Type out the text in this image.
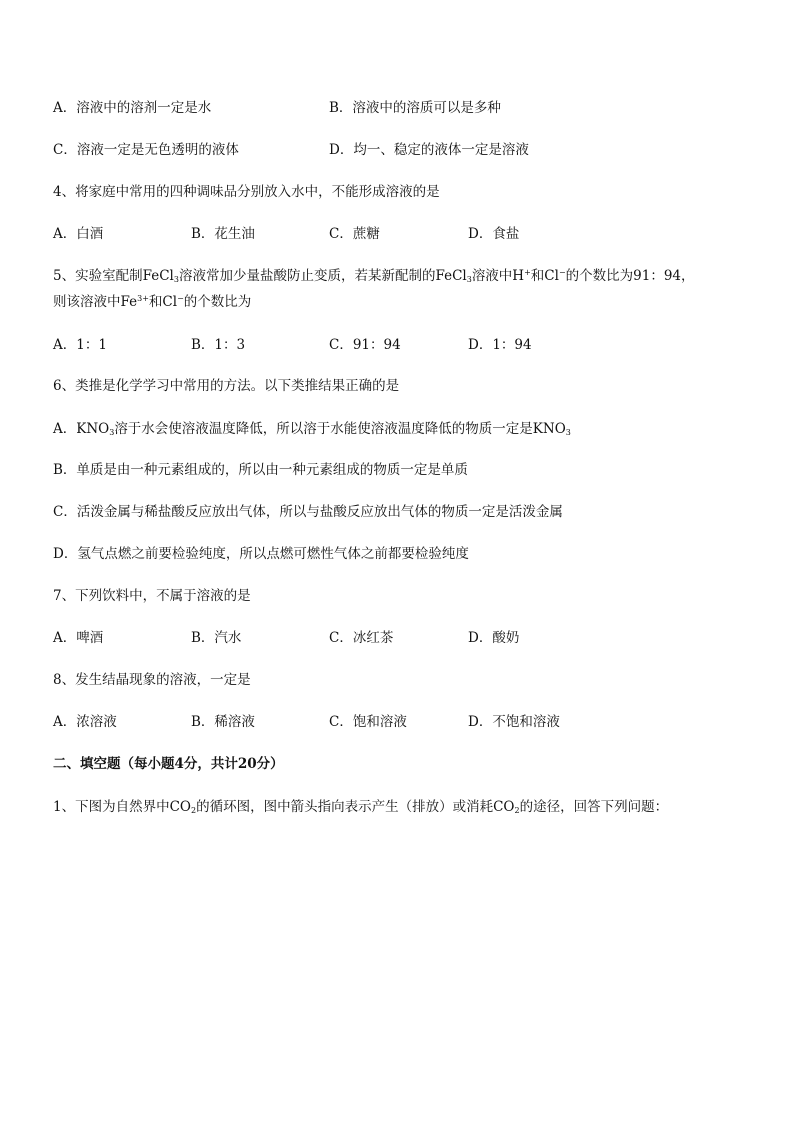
A．溶液中的溶剂一定是水	B．溶液中的溶质可以是多种
C．溶液一定是无色透明的液体	D．均一、稳定的液体一定是溶液
4、将家庭中常用的四种调味品分别放入水中，不能形成溶液的是
A．白酒	B．花生油	C．蔗糖	D．食盐
5、实验室配制FeCl$_3$溶液常加少量盐酸防止变质，若某新配制的FeCl$_3$溶液中H+和Cl−的个数比为91：94，
则该溶液中$Fe^{3+}$和Cl−的个数比为
A．1：1	B．1：3	C．91：94	D．1：94
6、类推是化学学习中常用的方法。以下类推结果正确的是
A．$KNO_3$溶于水会使溶液温度降低，所以溶于水能使溶液温度降低的物质一定是$KNO_3$
B．单质是由一种元素组成的，所以由一种元素组成的物质一定是单质
C．活泼金属与稀盐酸反应放出气体，所以与盐酸反应放出气体的物质一定是活泼金属
D．氢气点燃之前要检验纯度，所以点燃可燃性气体之前都要检验纯度
7、下列饮料中，不属于溶液的是
A．啤酒	B．汽水	C．冰红茶	D．酸奶
8、发生结晶现象的溶液，一定是
A．浓溶液	B．稀溶液	C．饱和溶液	D．不饱和溶液
二、填空题（每小题4分，共计20分）
1、下图为自然界中$CO_2$的循环图，图中箭头指向表示产生（排放）或消耗$CO_2$的途径，回答下列问题：
